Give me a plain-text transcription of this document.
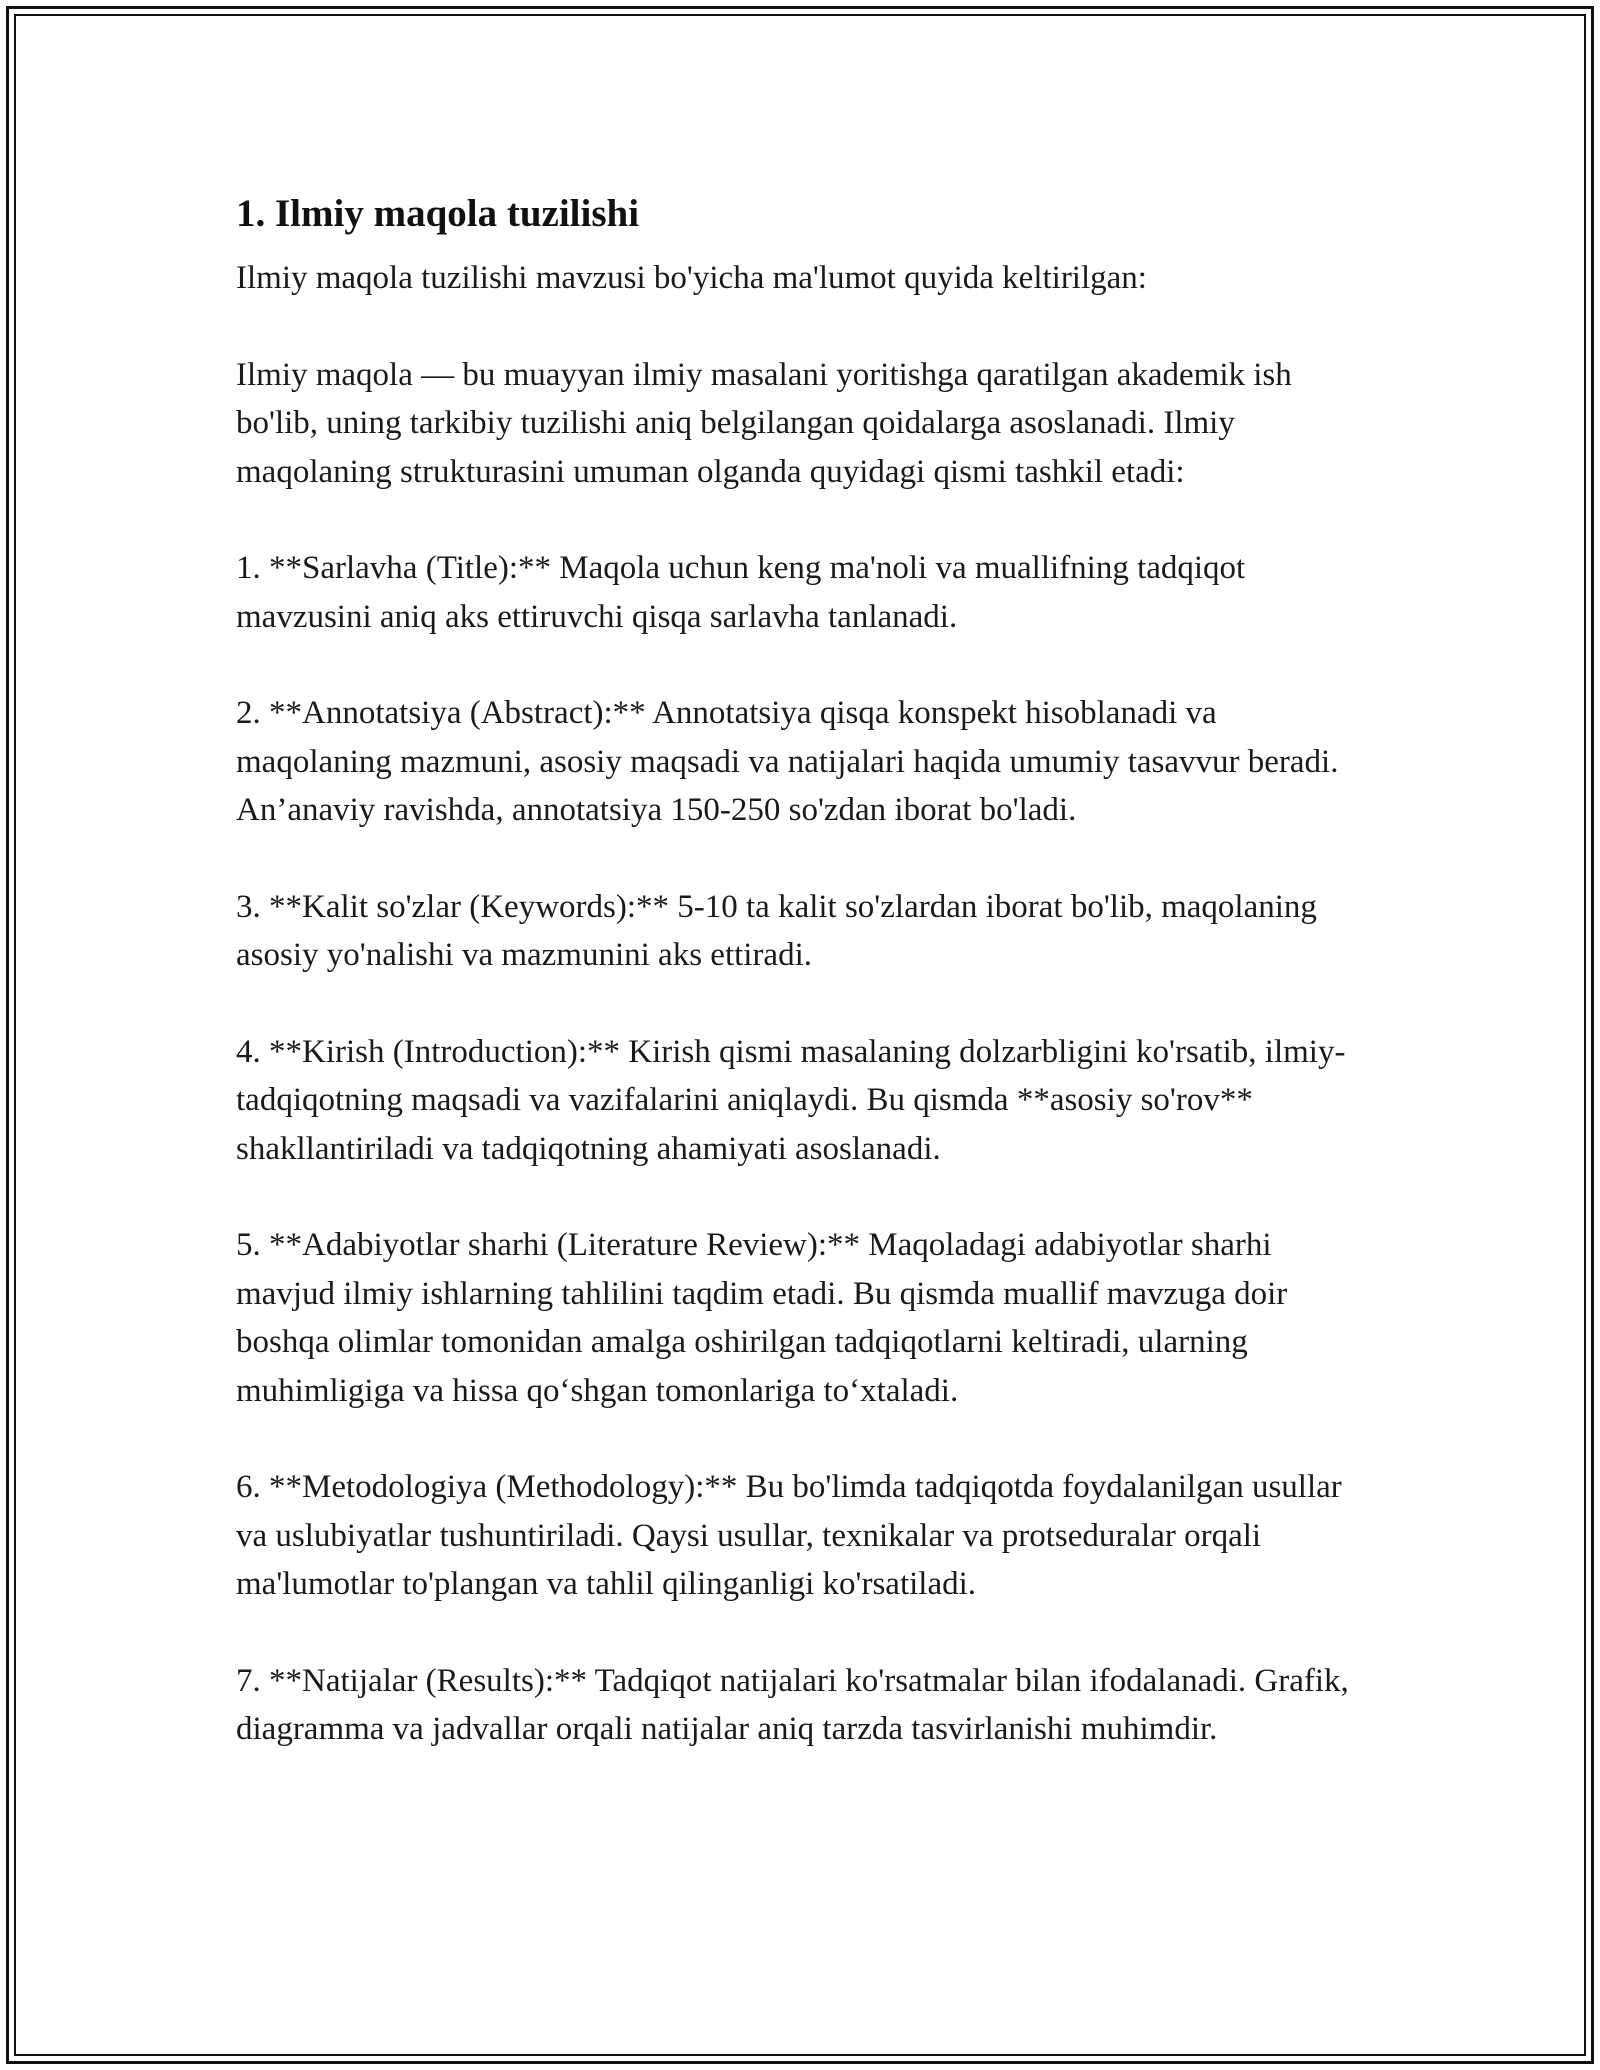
1. Ilmiy maqola tuzilishi

Ilmiy maqola tuzilishi mavzusi bo'yicha ma'lumot quyida keltirilgan:

Ilmiy maqola — bu muayyan ilmiy masalani yoritishga qaratilgan akademik ish bo'lib, uning tarkibiy tuzilishi aniq belgilangan qoidalarga asoslanadi. Ilmiy maqolaning strukturasini umuman olganda quyidagi qismi tashkil etadi:

1. **Sarlavha (Title):** Maqola uchun keng ma'noli va muallifning tadqiqot mavzusini aniq aks ettiruvchi qisqa sarlavha tanlanadi.

2. **Annotatsiya (Abstract):** Annotatsiya qisqa konspekt hisoblanadi va maqolaning mazmuni, asosiy maqsadi va natijalari haqida umumiy tasavvur beradi. An’anaviy ravishda, annotatsiya 150-250 so'zdan iborat bo'ladi.

3. **Kalit so'zlar (Keywords):** 5-10 ta kalit so'zlardan iborat bo'lib, maqolaning asosiy yo'nalishi va mazmunini aks ettiradi.

4. **Kirish (Introduction):** Kirish qismi masalaning dolzarbligini ko'rsatib, ilmiy-tadqiqotning maqsadi va vazifalarini aniqlaydi. Bu qismda **asosiy so'rov** shakllantiriladi va tadqiqotning ahamiyati asoslanadi.

5. **Adabiyotlar sharhi (Literature Review):** Maqoladagi adabiyotlar sharhi mavjud ilmiy ishlarning tahlilini taqdim etadi. Bu qismda muallif mavzuga doir boshqa olimlar tomonidan amalga oshirilgan tadqiqotlarni keltiradi, ularning muhimligiga va hissa qo‘shgan tomonlariga to‘xtaladi.

6. **Metodologiya (Methodology):** Bu bo'limda tadqiqotda foydalanilgan usullar va uslubiyatlar tushuntiriladi. Qaysi usullar, texnikalar va protseduralar orqali ma'lumotlar to'plangan va tahlil qilinganligi ko'rsatiladi.

7. **Natijalar (Results):** Tadqiqot natijalari ko'rsatmalar bilan ifodalanadi. Grafik, diagramma va jadvallar orqali natijalar aniq tarzda tasvirlanishi muhimdir.
